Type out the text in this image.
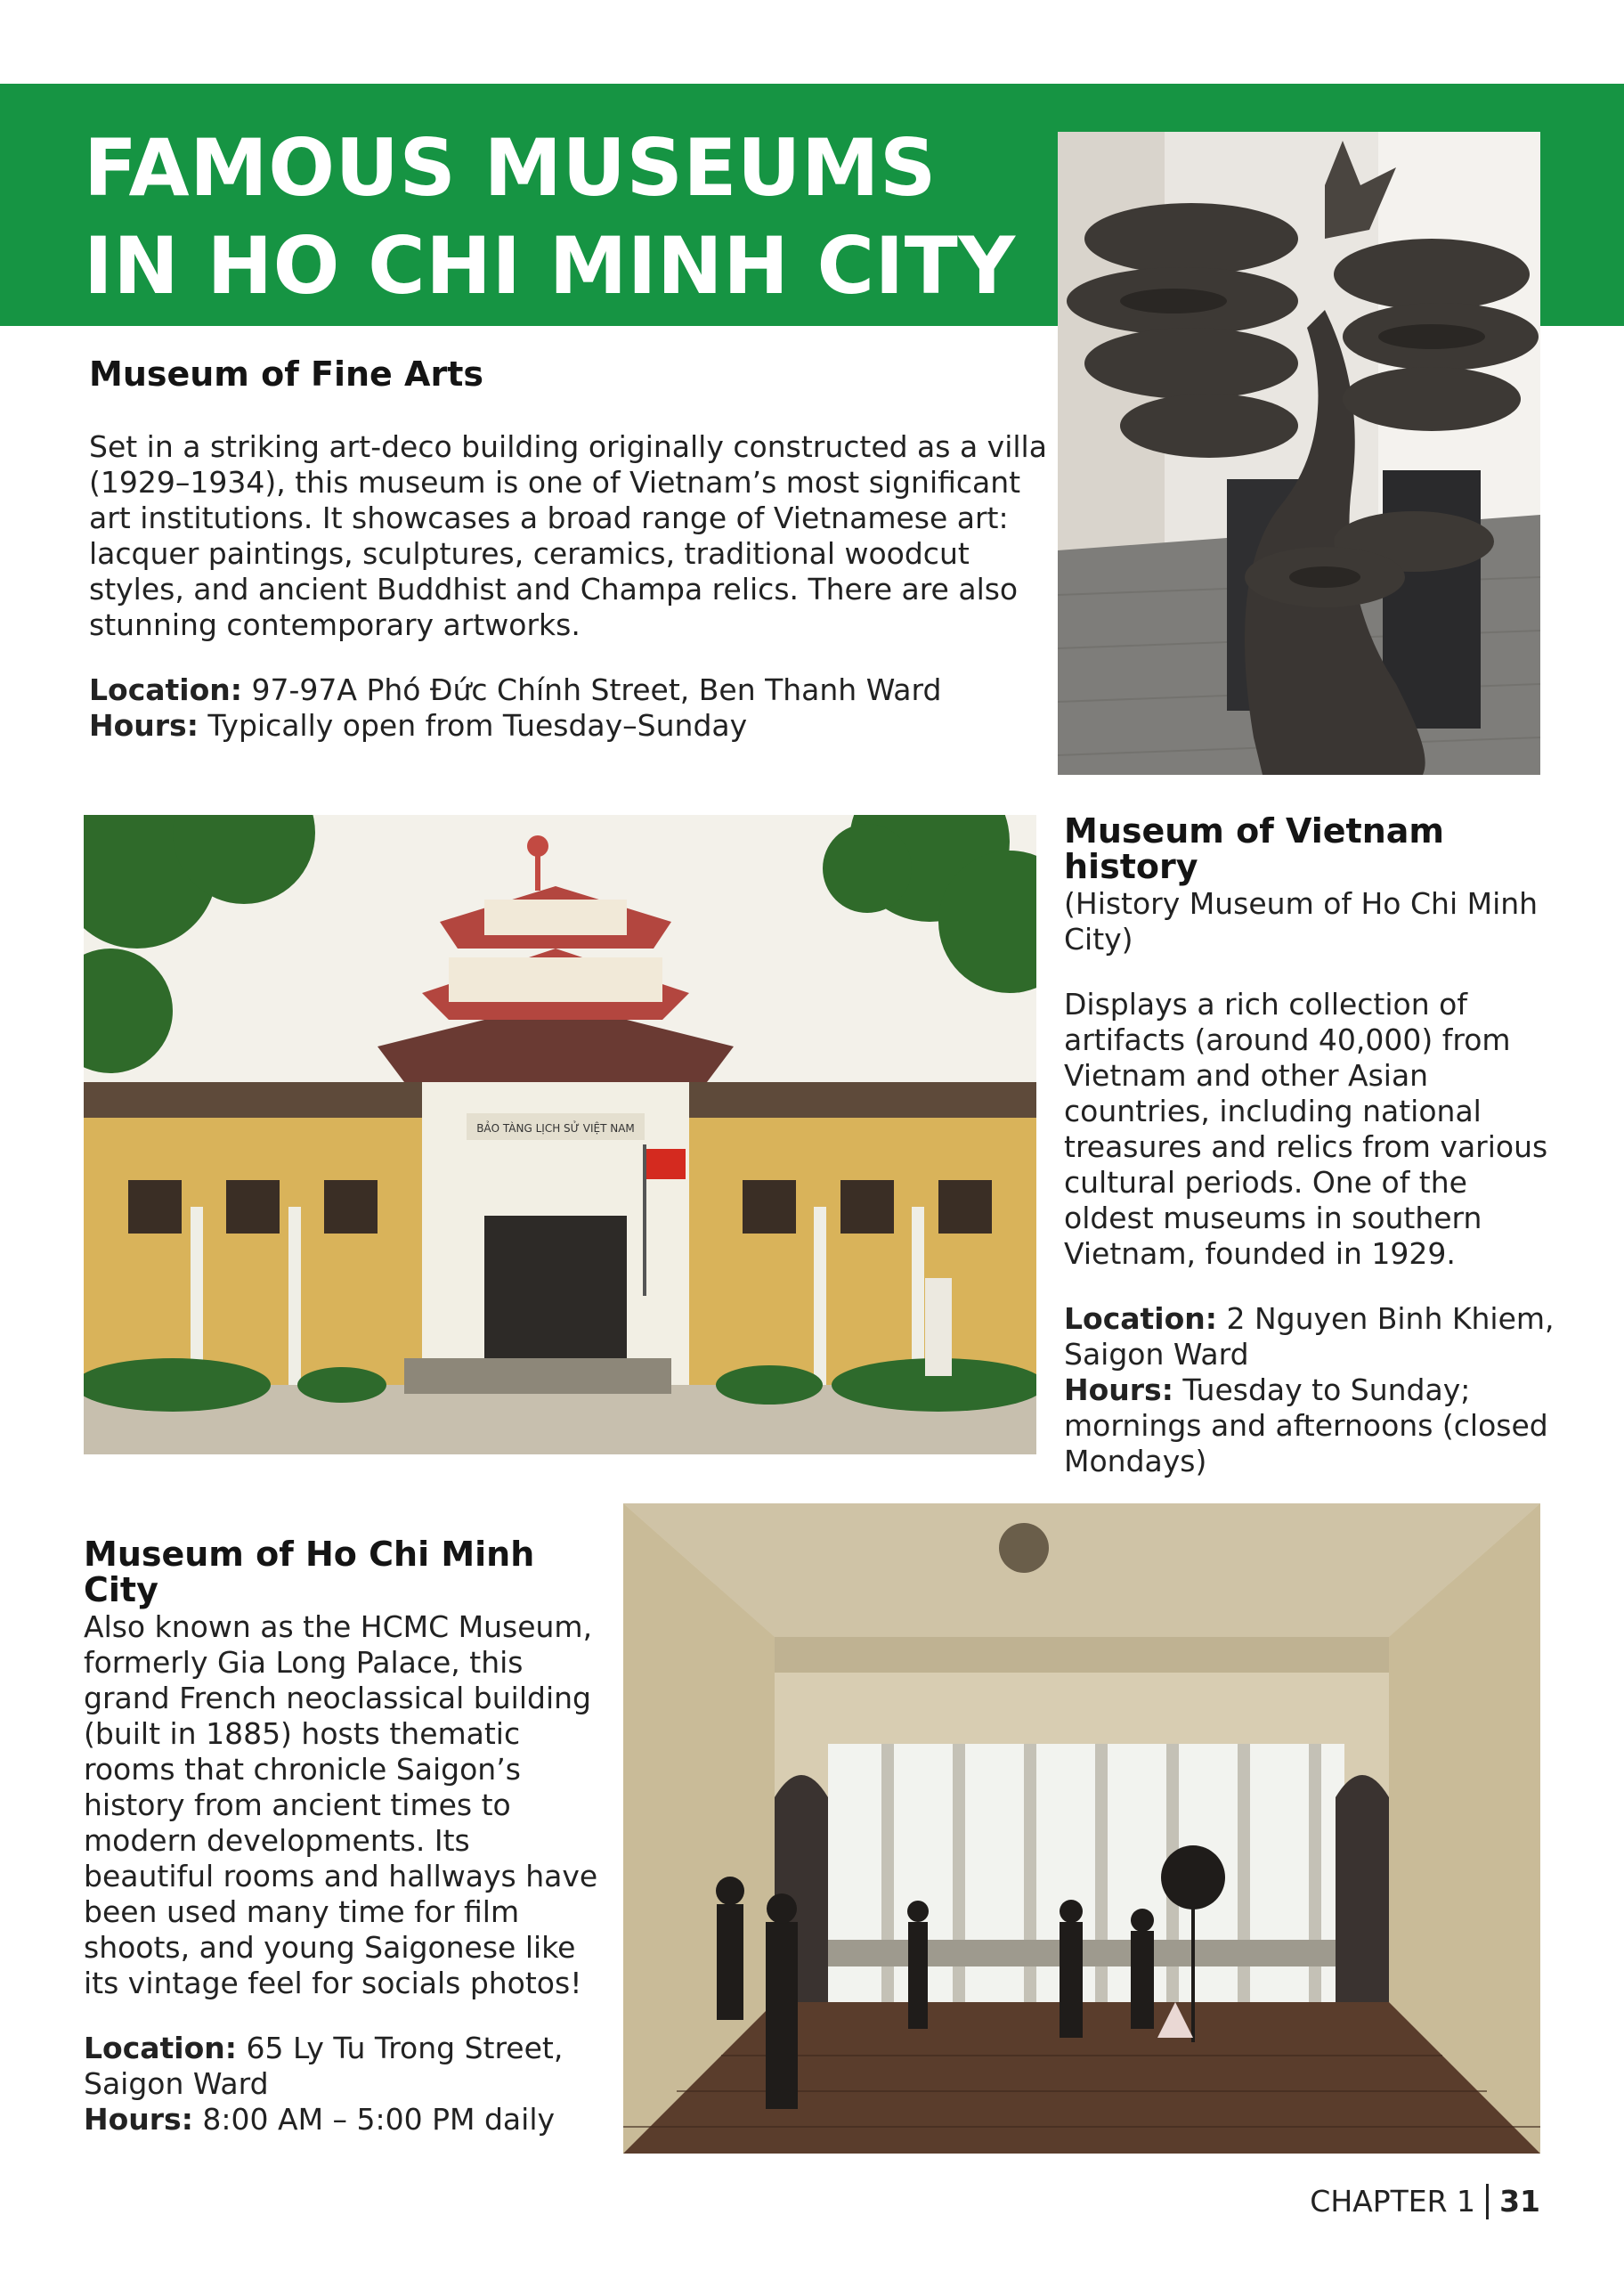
FAMOUS MUSEUMS
IN HO CHI MINH CITY
Museum of Fine Arts

Set in a striking art-deco building originally constructed as a villa (1929–1934), this museum is one of Vietnam’s most significant art institutions. It showcases a broad range of Vietnamese art: lacquer paintings, sculptures, ceramics, traditional woodcut styles, and ancient Buddhist and Champa relics. There are also stunning contemporary artworks.

Location: 97-97A Phó Đức Chính Street, Ben Thanh Ward

Hours: Typically open from Tuesday–Sunday

BẢO TÀNG LỊCH SỬ VIỆT NAM
Museum of Vietnam history

(History Museum of Ho Chi Minh City)

Displays a rich collection of artifacts (around 40,000) from Vietnam and other Asian countries, including national treasures and relics from various cultural periods. One of the oldest museums in southern Vietnam, founded in 1929.

Location: 2 Nguyen Binh Khiem, Saigon Ward

Hours: Tuesday to Sunday; mornings and afternoons (closed Mondays)

Museum of Ho Chi Minh City

Also known as the HCMC Museum, formerly Gia Long Palace, this grand French neoclassical building (built in 1885) hosts thematic rooms that chronicle Saigon’s history from ancient times to modern developments. Its beautiful rooms and hallways have been used many time for film shoots, and young Saigonese like its vintage feel for socials photos!

Location: 65 Ly Tu Trong Street, Saigon Ward

Hours: 8:00 AM – 5:00 PM daily

CHAPTER 1 31
